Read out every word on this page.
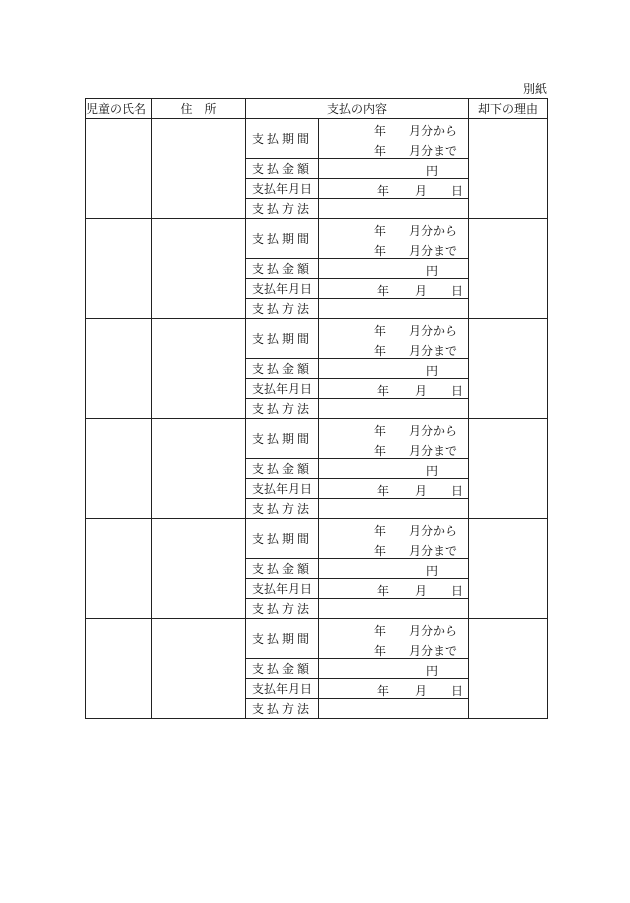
別紙
児童の氏名	住　所	支払の内容		却下の理由
		支払期間	年 月分から
年 月分まで	

		支払金額	円	

		支払年月日	年 月 日	

		支払方法		
		支払期間	年 月分から
年 月分まで	

		支払金額	円	

		支払年月日	年 月 日	

		支払方法		
		支払期間	年 月分から
年 月分まで	

		支払金額	円	

		支払年月日	年 月 日	

		支払方法		
		支払期間	年 月分から
年 月分まで	

		支払金額	円	

		支払年月日	年 月 日	

		支払方法		
		支払期間	年 月分から
年 月分まで	

		支払金額	円	

		支払年月日	年 月 日	

		支払方法		
		支払期間	年 月分から
年 月分まで	

		支払金額	円	

		支払年月日	年 月 日	

		支払方法		
